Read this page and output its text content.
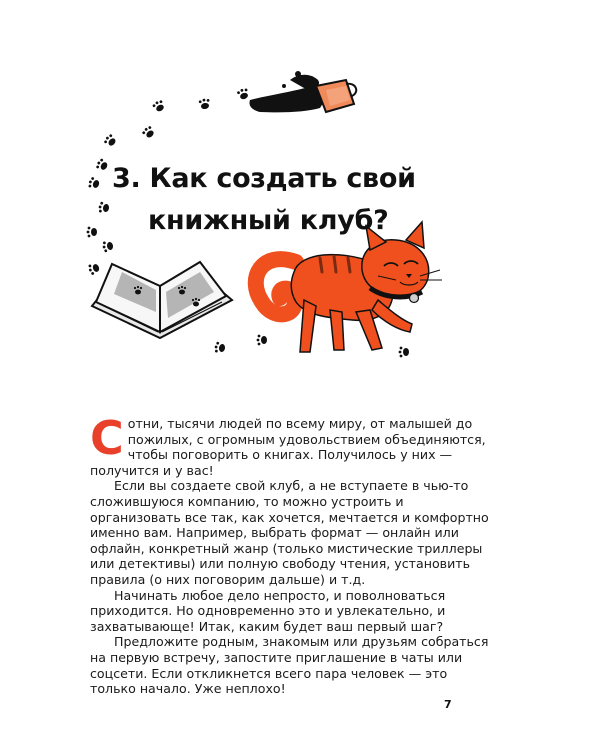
3. Как создать свой
книжный клуб?

Сотни, тысячи людей по всему миру, от малышей до пожилых, с огромным удовольствием объединяются, чтобы поговорить о книгах. Получилось у них — получится и у вас!

Если вы создаете свой клуб, а не вступаете в чью-то сложившуюся компанию, то можно устроить и организовать все так, как хочется, мечтается и комфортно именно вам. Например, выбрать формат — онлайн или офлайн, конкретный жанр (только мистические триллеры или детективы) или полную свободу чтения, установить правила (о них поговорим дальше) и т.д.

Начинать любое дело непросто, и поволноваться приходится. Но одновременно это и увлекательно, и захватывающе! Итак, каким будет ваш первый шаг?

Предложите родным, знакомым или друзьям собраться на первую встречу, запостите приглашение в чаты или соцсети. Если откликнется всего пара человек — это только начало. Уже неплохо!

7
